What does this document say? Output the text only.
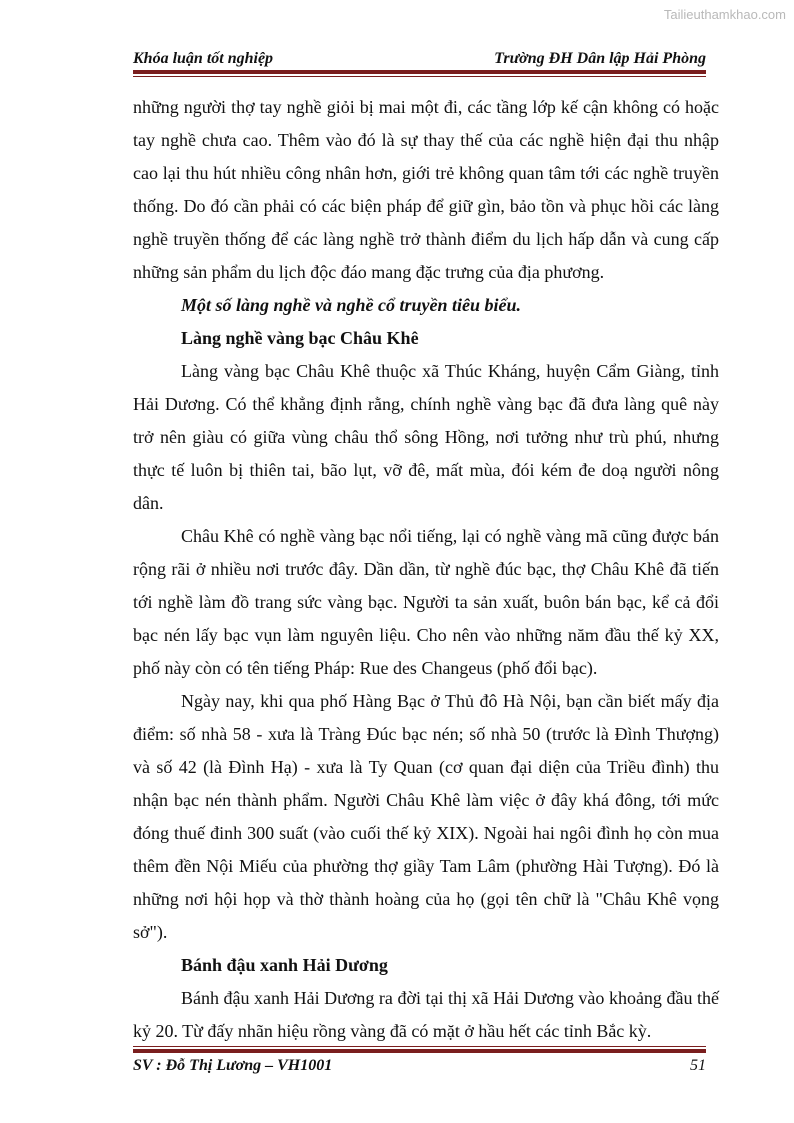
Tailieuthamkhao.com
Khóa luận tốt nghiệp	Trường ĐH Dân lập Hải Phòng

những người thợ tay nghề giỏi bị mai một đi, các tầng lớp kế cận không có hoặc tay nghề chưa cao. Thêm vào đó là sự thay thế của các nghề hiện đại thu nhập cao lại thu hút nhiều công nhân hơn, giới trẻ không quan tâm tới các nghề truyền thống. Do đó cần phải có các biện pháp để giữ gìn, bảo tồn và phục hồi các làng nghề truyền thống để các làng nghề trở thành điểm du lịch hấp dẫn và cung cấp những sản phẩm du lịch độc đáo mang đặc trưng của địa phương.

Một số làng nghề và nghề cổ truyền tiêu biểu.

Làng nghề vàng bạc Châu Khê

Làng vàng bạc Châu Khê thuộc xã Thúc Kháng, huyện Cẩm Giàng, tỉnh Hải Dương. Có thể khẳng định rằng, chính nghề vàng bạc đã đưa làng quê này trở nên giàu có giữa vùng châu thổ sông Hồng, nơi tưởng như trù phú, nhưng thực tế luôn bị thiên tai, bão lụt, vỡ đê, mất mùa, đói kém đe doạ người nông dân.

Châu Khê có nghề vàng bạc nổi tiếng, lại có nghề vàng mã cũng được bán rộng rãi ở nhiều nơi trước đây. Dần dần, từ nghề đúc bạc, thợ Châu Khê đã tiến tới nghề làm đồ trang sức vàng bạc. Người ta sản xuất, buôn bán bạc, kể cả đổi bạc nén lấy bạc vụn làm nguyên liệu. Cho nên vào những năm đầu thế kỷ XX, phố này còn có tên tiếng Pháp: Rue des Changeus (phố đổi bạc).

Ngày nay, khi qua phố Hàng Bạc ở Thủ đô Hà Nội, bạn cần biết mấy địa điểm: số nhà 58 - xưa là Tràng Đúc bạc nén; số nhà 50 (trước là Đình Thượng) và số 42 (là Đình Hạ) - xưa là Ty Quan (cơ quan đại diện của Triều đình) thu nhận bạc nén thành phẩm. Người Châu Khê làm việc ở đây khá đông, tới mức đóng thuế đinh 300 suất (vào cuối thế kỷ XIX). Ngoài hai ngôi đình họ còn mua thêm đền Nội Miếu của phường thợ giầy Tam Lâm (phường Hài Tượng). Đó là những nơi hội họp và thờ thành hoàng của họ (gọi tên chữ là "Châu Khê vọng sở").

Bánh đậu xanh Hải Dương

Bánh đậu xanh Hải Dương ra đời tại thị xã Hải Dương vào khoảng đầu thế kỷ 20. Từ đấy nhãn hiệu rồng vàng đã có mặt ở hầu hết các tỉnh Bắc kỳ.

SV : Đỗ Thị Lương – VH1001	51
